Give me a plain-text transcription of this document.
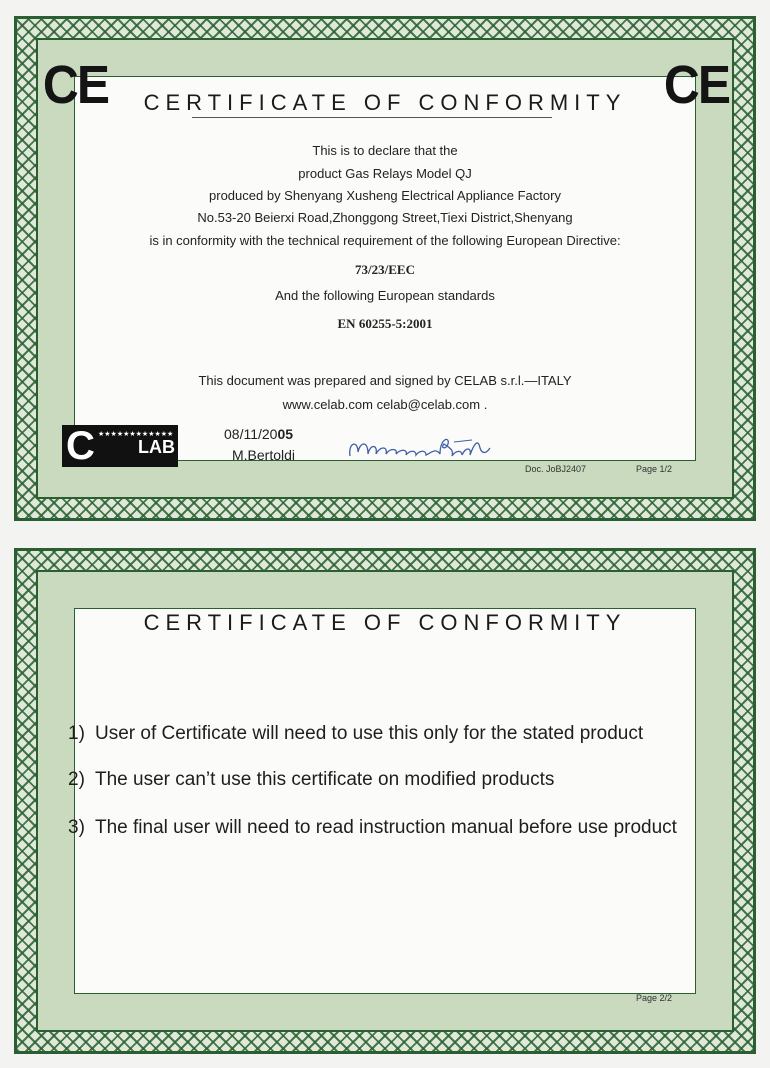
CE	CE
CERTIFICATE OF CONFORMITY
This is to declare that the
product Gas Relays Model QJ
produced by Shenyang Xusheng Electrical Appliance Factory
No.53-20 Beierxi Road,Zhonggong Street,Tiexi District,Shenyang
is in conformity with the technical requirement of the following European Directive:
73/23/EEC
And the following European standards
EN 60255-5:2001
This document was prepared and signed by CELAB s.r.l.—ITALY
www.celab.com celab@celab.com .
C ★★★★★★★★★★★★
LAB
08/11/2005
M.Bertoldi
Doc. JoBJ2407	Page 1/2
CERTIFICATE OF CONFORMITY
1) User of Certificate will need to use this only for the stated product
2) The user can’t use this certificate on modified products
3) The final user will need to read instruction manual before use product
Page 2/2
